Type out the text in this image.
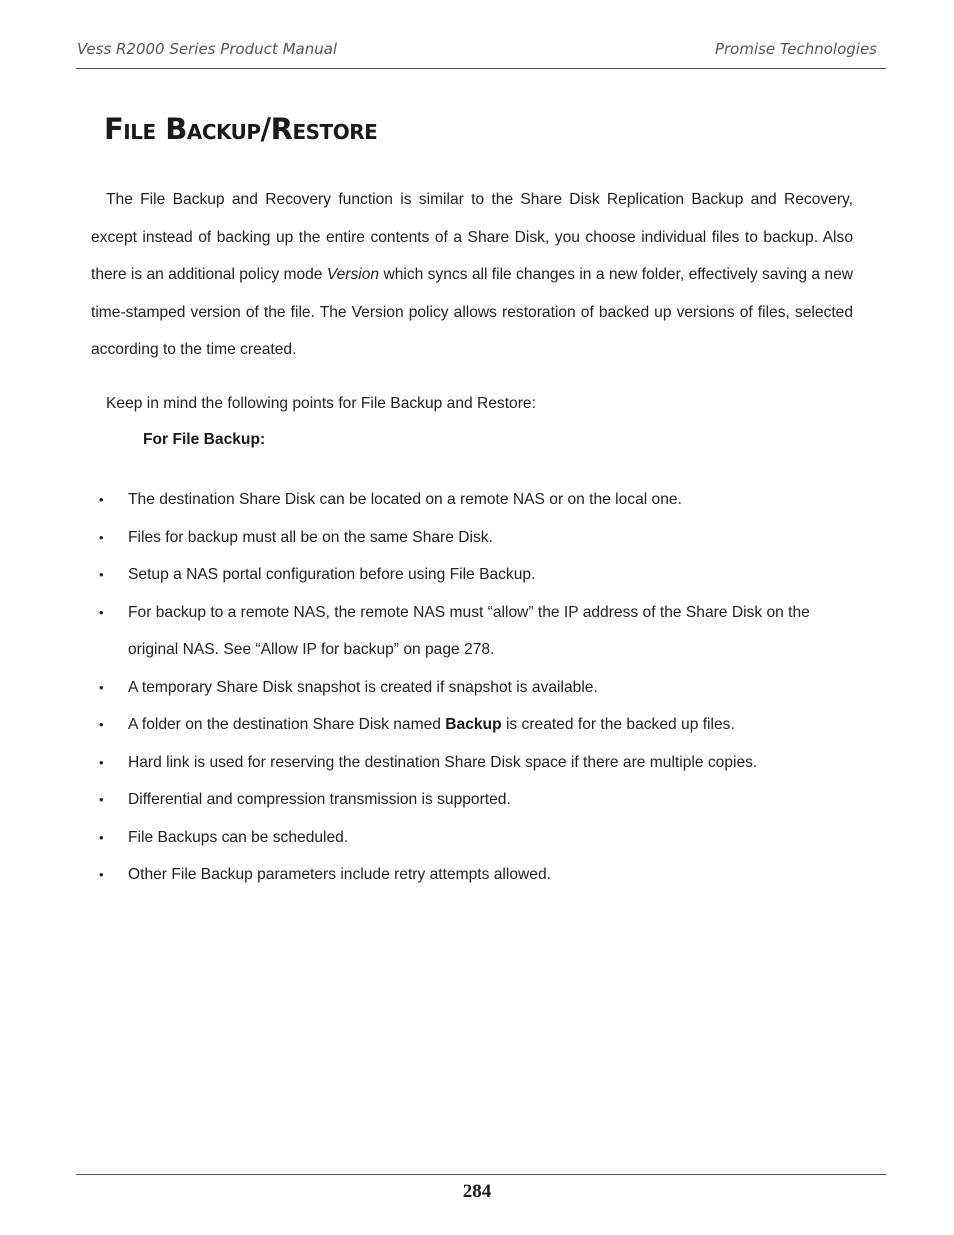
Vess R2000 Series Product Manual	Promise Technologies
File Backup/Restore

The File Backup and Recovery function is similar to the Share Disk Replication Backup and Recovery, except instead of backing up the entire contents of a Share Disk, you choose individual files to backup. Also there is an additional policy mode Version which syncs all file changes in a new folder, effectively saving a new time-stamped version of the file. The Version policy allows restoration of backed up versions of files, selected according to the time created.

Keep in mind the following points for File Backup and Restore:

For File Backup:

• The destination Share Disk can be located on a remote NAS or on the local one.
• Files for backup must all be on the same Share Disk.
• Setup a NAS portal configuration before using File Backup.
• For backup to a remote NAS, the remote NAS must “allow” the IP address of the Share Disk on the original NAS. See “Allow IP for backup” on page 278.
• A temporary Share Disk snapshot is created if snapshot is available.
• A folder on the destination Share Disk named Backup is created for the backed up files.
• Hard link is used for reserving the destination Share Disk space if there are multiple copies.
• Differential and compression transmission is supported.
• File Backups can be scheduled.
• Other File Backup parameters include retry attempts allowed.
284
